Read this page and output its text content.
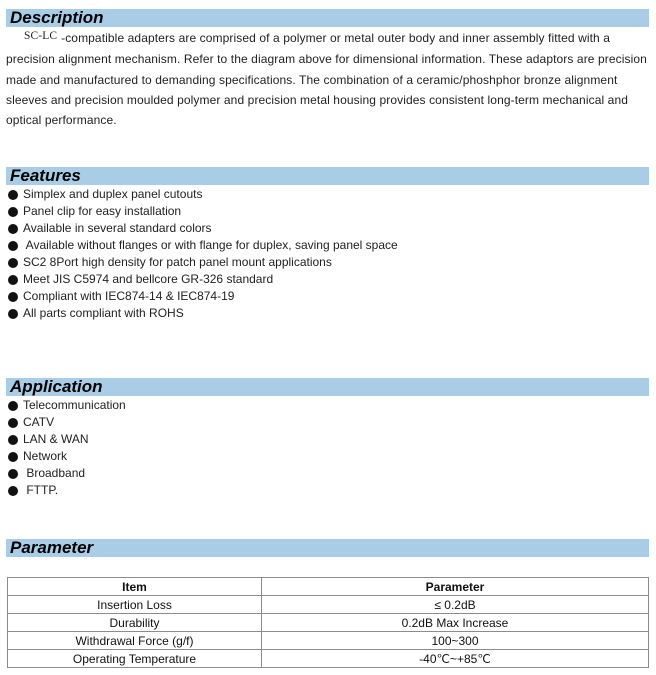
Description
SC-LC -compatible adapters are comprised of a polymer or metal outer body and inner assembly fitted with a precision alignment mechanism. Refer to the diagram above for dimensional information. These adaptors are precision made and manufactured to demanding specifications. The combination of a ceramic/phoshphor bronze alignment sleeves and precision moulded polymer and precision metal housing provides consistent long-term mechanical and optical performance.
Features
Simplex and duplex panel cutouts
Panel clip for easy installation
Available in several standard colors
Available without flanges or with flange for duplex, saving panel space
SC2 8Port high density for patch panel mount applications
Meet JIS C5974 and bellcore GR-326 standard
Compliant with IEC874-14 & IEC874-19
All parts compliant with ROHS
Application
Telecommunication
CATV
LAN & WAN
Network
Broadband
FTTP.
Parameter
Item	Parameter
Insertion Loss	≤ 0.2dB
Durability	0.2dB Max Increase
Withdrawal Force (g/f)	100~300
Operating Temperature	-40℃~+85℃
